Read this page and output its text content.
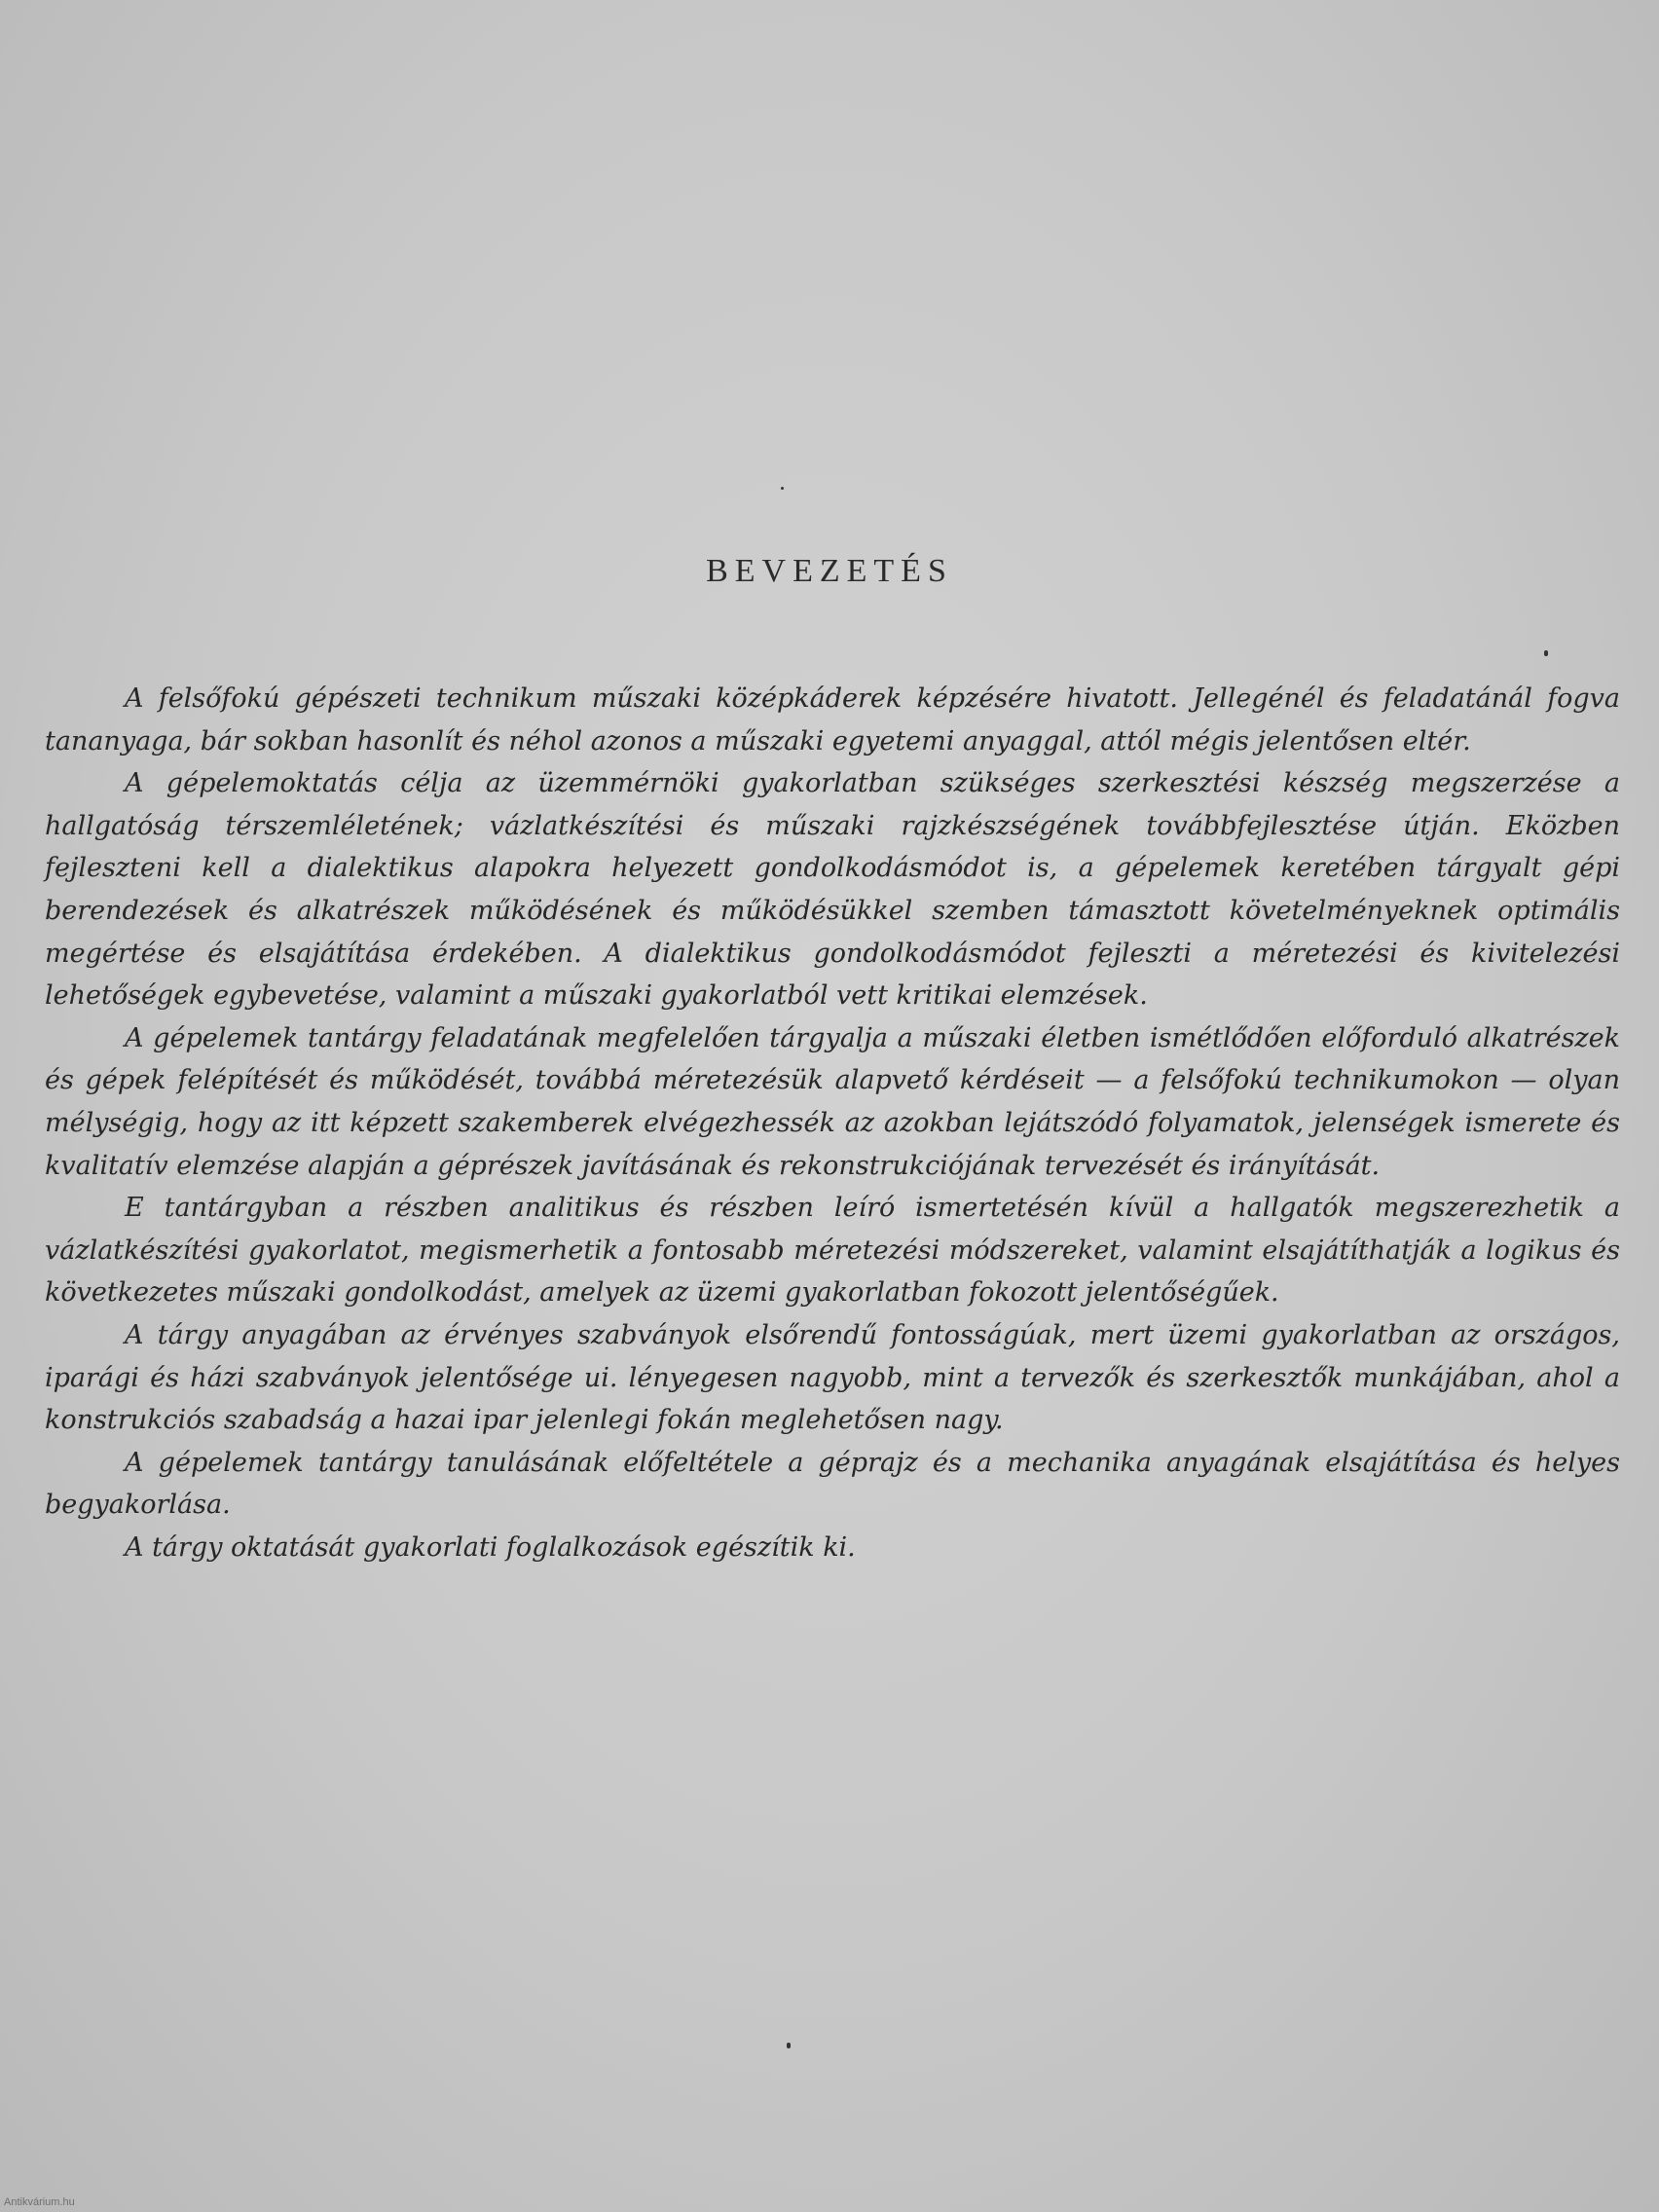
BEVEZETÉS

A felsőfokú gépészeti technikum műszaki középkáderek képzésére hivatott. Jellegénél és feladatánál fogva tananyaga, bár sokban hasonlít és néhol azonos a műszaki egyetemi anyaggal, attól mégis jelentősen eltér.

A gépelemoktatás célja az üzemmérnöki gyakorlatban szükséges szerkesztési készség megszerzése a hallgatóság térszemléletének; vázlatkészítési és műszaki rajzkészségének továbbfejlesztése útján. Eközben fejleszteni kell a dialektikus alapokra helyezett gondolkodásmódot is, a gépelemek keretében tárgyalt gépi berendezések és alkatrészek működésének és működésükkel szemben támasztott követelményeknek optimális megértése és elsajátítása érdekében. A dialektikus gondolkodásmódot fejleszti a méretezési és kivitelezési lehetőségek egybevetése, valamint a műszaki gyakorlatból vett kritikai elemzések.

A gépelemek tantárgy feladatának megfelelően tárgyalja a műszaki életben ismétlődően előforduló alkatrészek és gépek felépítését és működését, továbbá méretezésük alapvető kérdéseit — a felsőfokú technikumokon — olyan mélységig, hogy az itt képzett szakemberek elvégezhessék az azokban lejátszódó folyamatok, jelenségek ismerete és kvalitatív elemzése alapján a gépré​szek javításának és rekonstrukciójának tervezését és irányítását.

E tantárgyban a részben analitikus és részben leíró ismertetésén kívül a hallgatók megszerezhetik a vázlatkészítési gyakorlatot, megismerhetik a fontosabb méretezési módszereket, valamint elsajátíthatják a logikus és következetes műszaki gondolkodást, amelyek az üzemi gyakorlatban fokozott jelentőségűek.

A tárgy anyagában az érvényes szabványok elsőrendű fontosságúak, mert üzemi gyakorlatban az országos, iparági és házi szabványok jelentősége ui. lényegesen nagyobb, mint a tervezők és szerkesztők munkájában, ahol a konstrukciós szabadság a hazai ipar jelenlegi fokán meglehetősen nagy.

A gépelemek tantárgy tanulásának előfeltétele a géprajz és a mechanika anyagának elsajátítása és helyes begyakorlása.

A tárgy oktatását gyakorlati foglalkozások egészítik ki.

Antikvárium.hu
